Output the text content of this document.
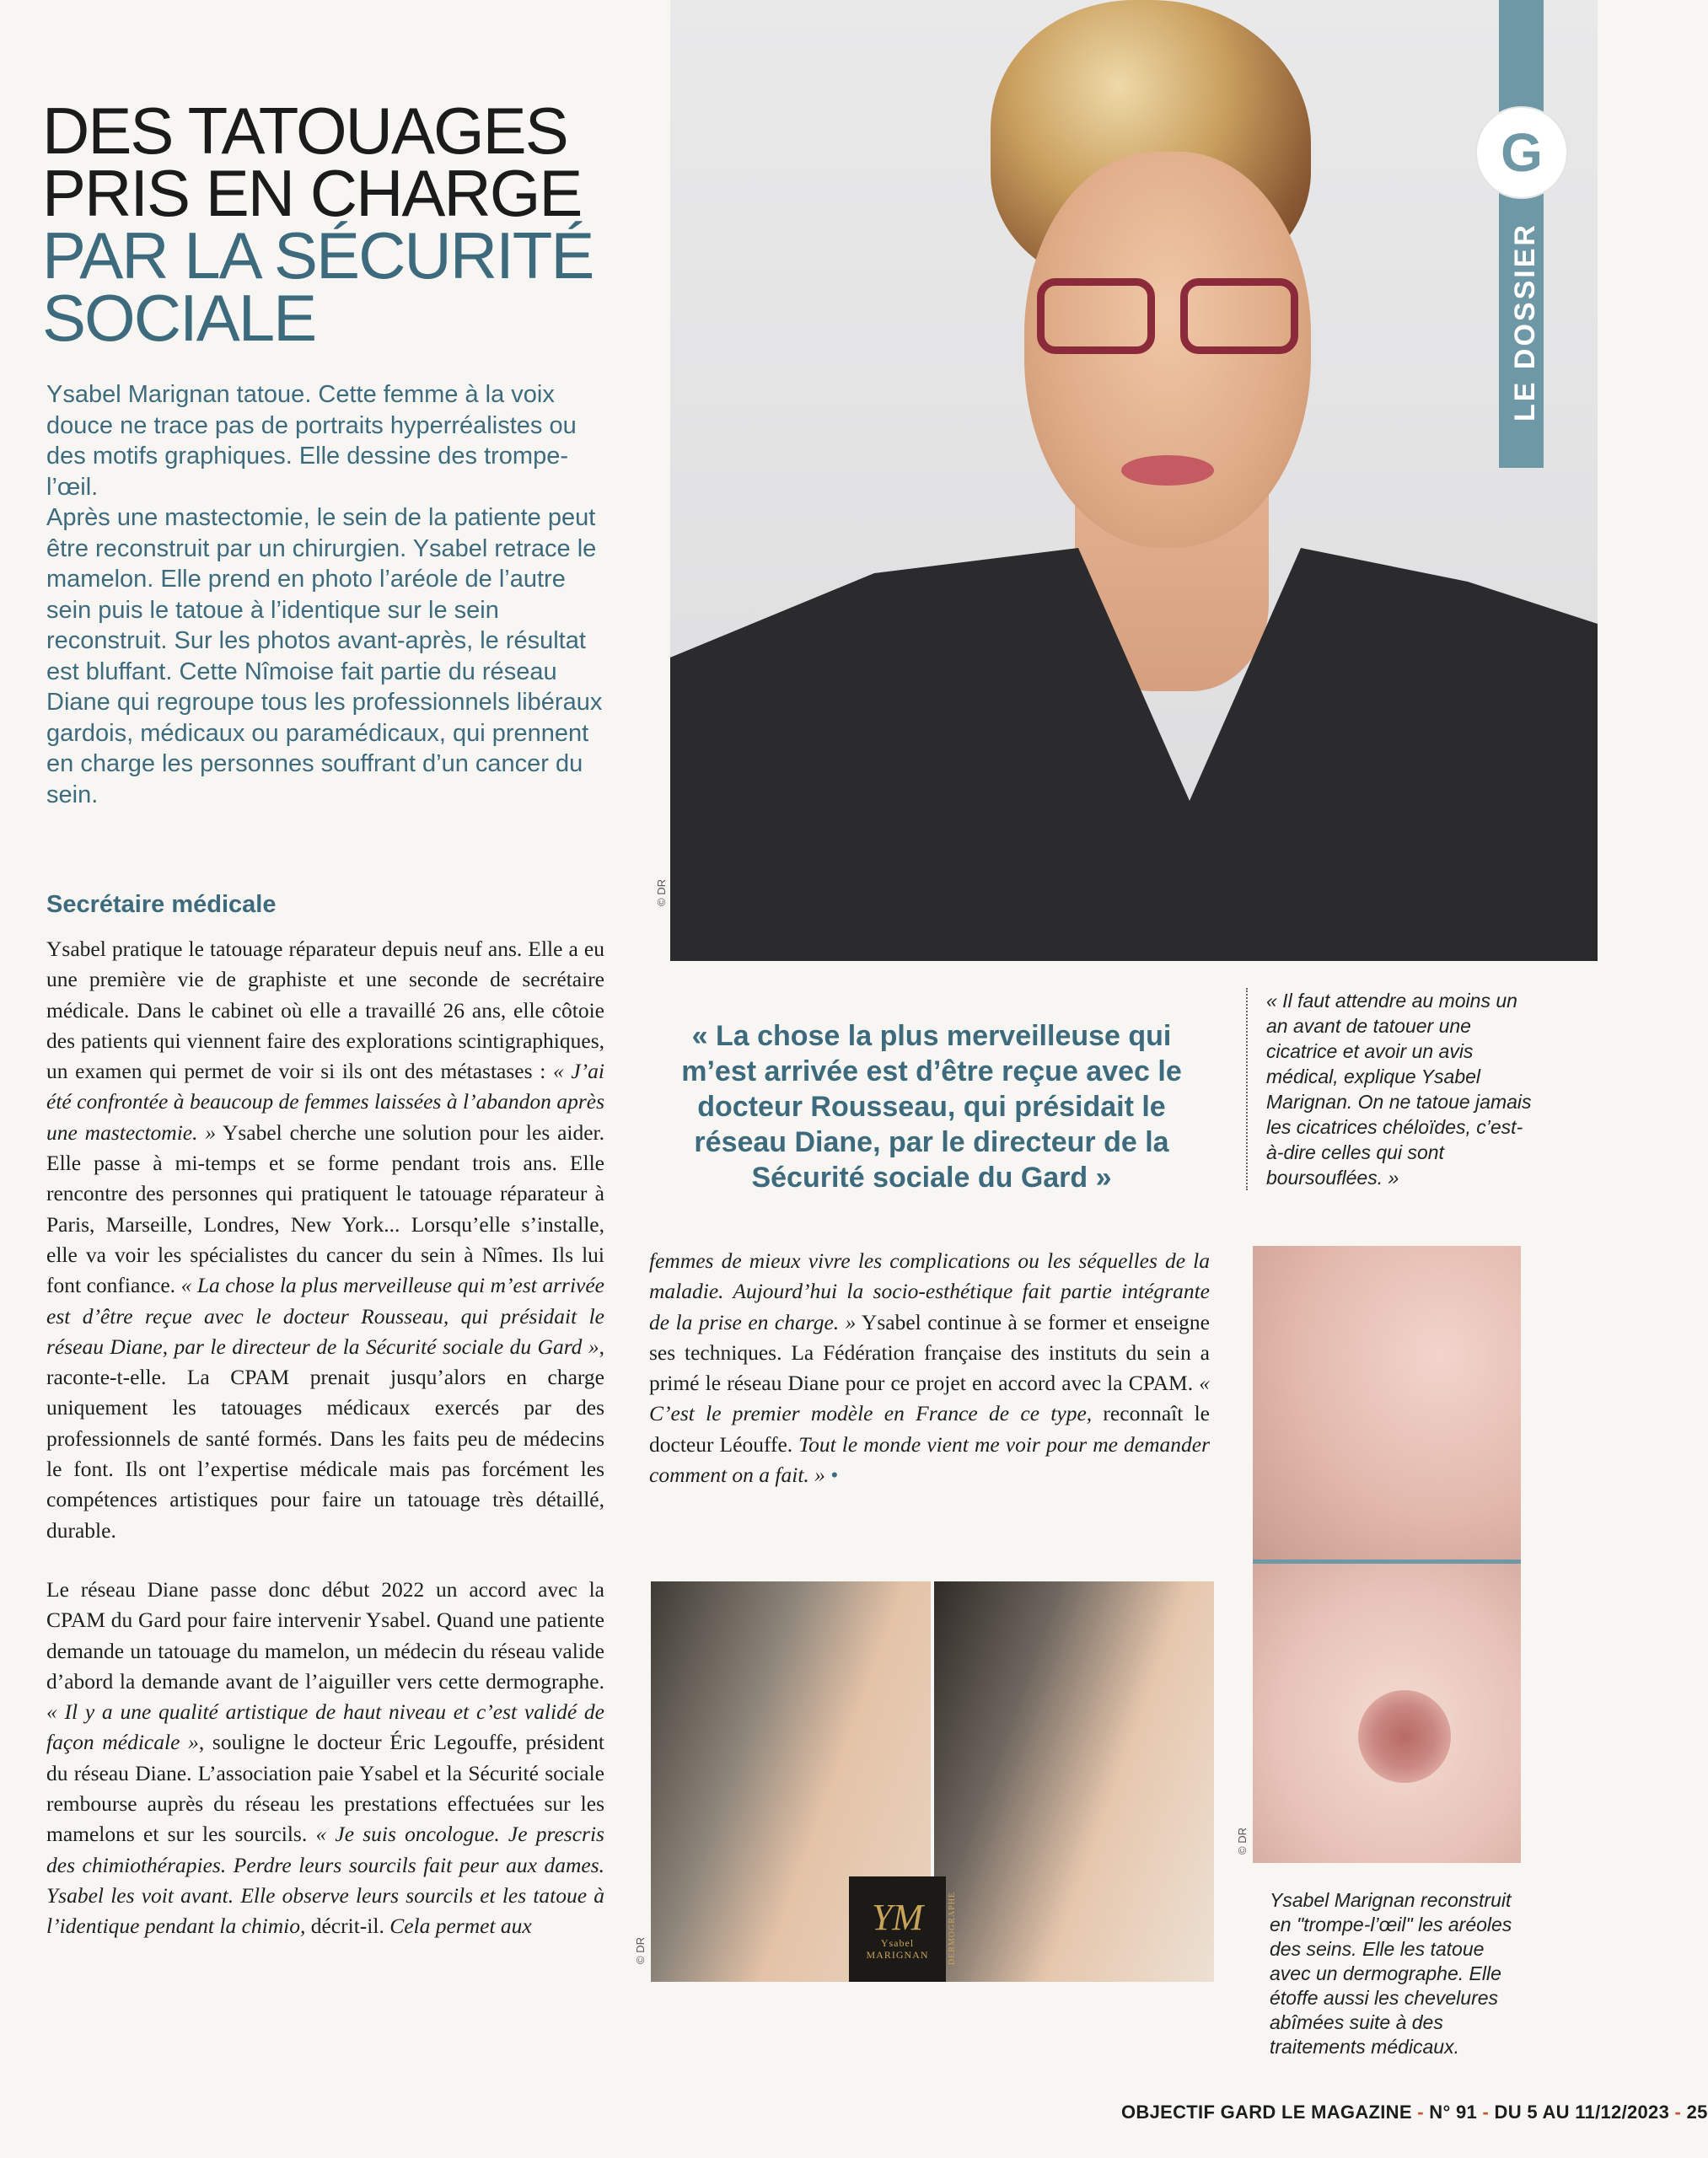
© DR
LE DOSSIER
G
DES TATOUAGES
PRIS EN CHARGE
PAR LA SÉCURITÉ
SOCIALE

Ysabel Marignan tatoue. Cette femme à la voix douce ne trace pas de portraits hyperréalistes ou des motifs graphiques. Elle dessine des trompe-l’œil.

Après une mastectomie, le sein de la patiente peut être reconstruit par un chirurgien. Ysabel retrace le mamelon. Elle prend en photo l’aréole de l’autre sein puis le tatoue à l’identique sur le sein reconstruit. Sur les photos avant-après, le résultat est bluffant. Cette Nîmoise fait partie du réseau Diane qui regroupe tous les professionnels libéraux gardois, médicaux ou paramédicaux, qui prennent en charge les personnes souffrant d’un cancer du sein.

Secrétaire médicale

Ysabel pratique le tatouage réparateur depuis neuf ans. Elle a eu une première vie de graphiste et une seconde de secrétaire médicale. Dans le cabinet où elle a travaillé 26 ans, elle côtoie des patients qui viennent faire des explorations scintigraphiques, un examen qui permet de voir si ils ont des métastases : « J’ai été confrontée à beaucoup de femmes laissées à l’abandon après une mastectomie. » Ysabel cherche une solution pour les aider. Elle passe à mi-temps et se forme pendant trois ans. Elle rencontre des personnes qui pratiquent le tatouage réparateur à Paris, Marseille, Londres, New York... Lorsqu’elle s’installe, elle va voir les spécialistes du cancer du sein à Nîmes. Ils lui font confiance. « La chose la plus merveilleuse qui m’est arrivée est d’être reçue avec le docteur Rousseau, qui présidait le réseau Diane, par le directeur de la Sécurité sociale du Gard », raconte-t-elle. La CPAM prenait jusqu’alors en charge uniquement les tatouages médicaux exercés par des professionnels de santé formés. Dans les faits peu de médecins le font. Ils ont l’expertise médicale mais pas forcément les compétences artistiques pour faire un tatouage très détaillé, durable.

Le réseau Diane passe donc début 2022 un accord avec la CPAM du Gard pour faire intervenir Ysabel. Quand une patiente demande un tatouage du mamelon, un médecin du réseau valide d’abord la demande avant de l’aiguiller vers cette dermographe. « Il y a une qualité artistique de haut niveau et c’est validé de façon médicale », souligne le docteur Éric Legouffe, président du réseau Diane. L’association paie Ysabel et la Sécurité sociale rembourse auprès du réseau les prestations effectuées sur les mamelons et sur les sourcils. « Je suis oncologue. Je prescris des chimiothérapies. Perdre leurs sourcils fait peur aux dames. Ysabel les voit avant. Elle observe leurs sourcils et les tatoue à l’identique pendant la chimio, décrit-il. Cela permet aux

« La chose la plus merveilleuse qui m’est arrivée est d’être reçue avec le docteur Rousseau, qui présidait le réseau Diane, par le directeur de la Sécurité sociale du Gard »

femmes de mieux vivre les complications ou les séquelles de la maladie. Aujourd’hui la socio-esthétique fait partie intégrante de la prise en charge. » Ysabel continue à se former et enseigne ses techniques. La Fédération française des instituts du sein a primé le réseau Diane pour ce projet en accord avec la CPAM. « C’est le premier modèle en France de ce type, reconnaît le docteur Léouffe. Tout le monde vient me voir pour me demander comment on a fait. » •

« Il faut attendre au moins un an avant de tatouer une cicatrice et avoir un avis médical, explique Ysabel Marignan. On ne tatoue jamais les cicatrices chéloïdes, c’est-à-dire celles qui sont boursouflées. »
© DR
Ysabel Marignan reconstruit en "trompe-l’œil" les aréoles des seins. Elle les tatoue avec un dermographe. Elle étoffe aussi les chevelures abîmées suite à des traitements médicaux.
YM
Ysabel
MARIGNAN DERMOGRAPHE
© DR
OBJECTIF GARD LE MAGAZINE - N° 91 - DU 5 AU 11/12/2023 - 25
